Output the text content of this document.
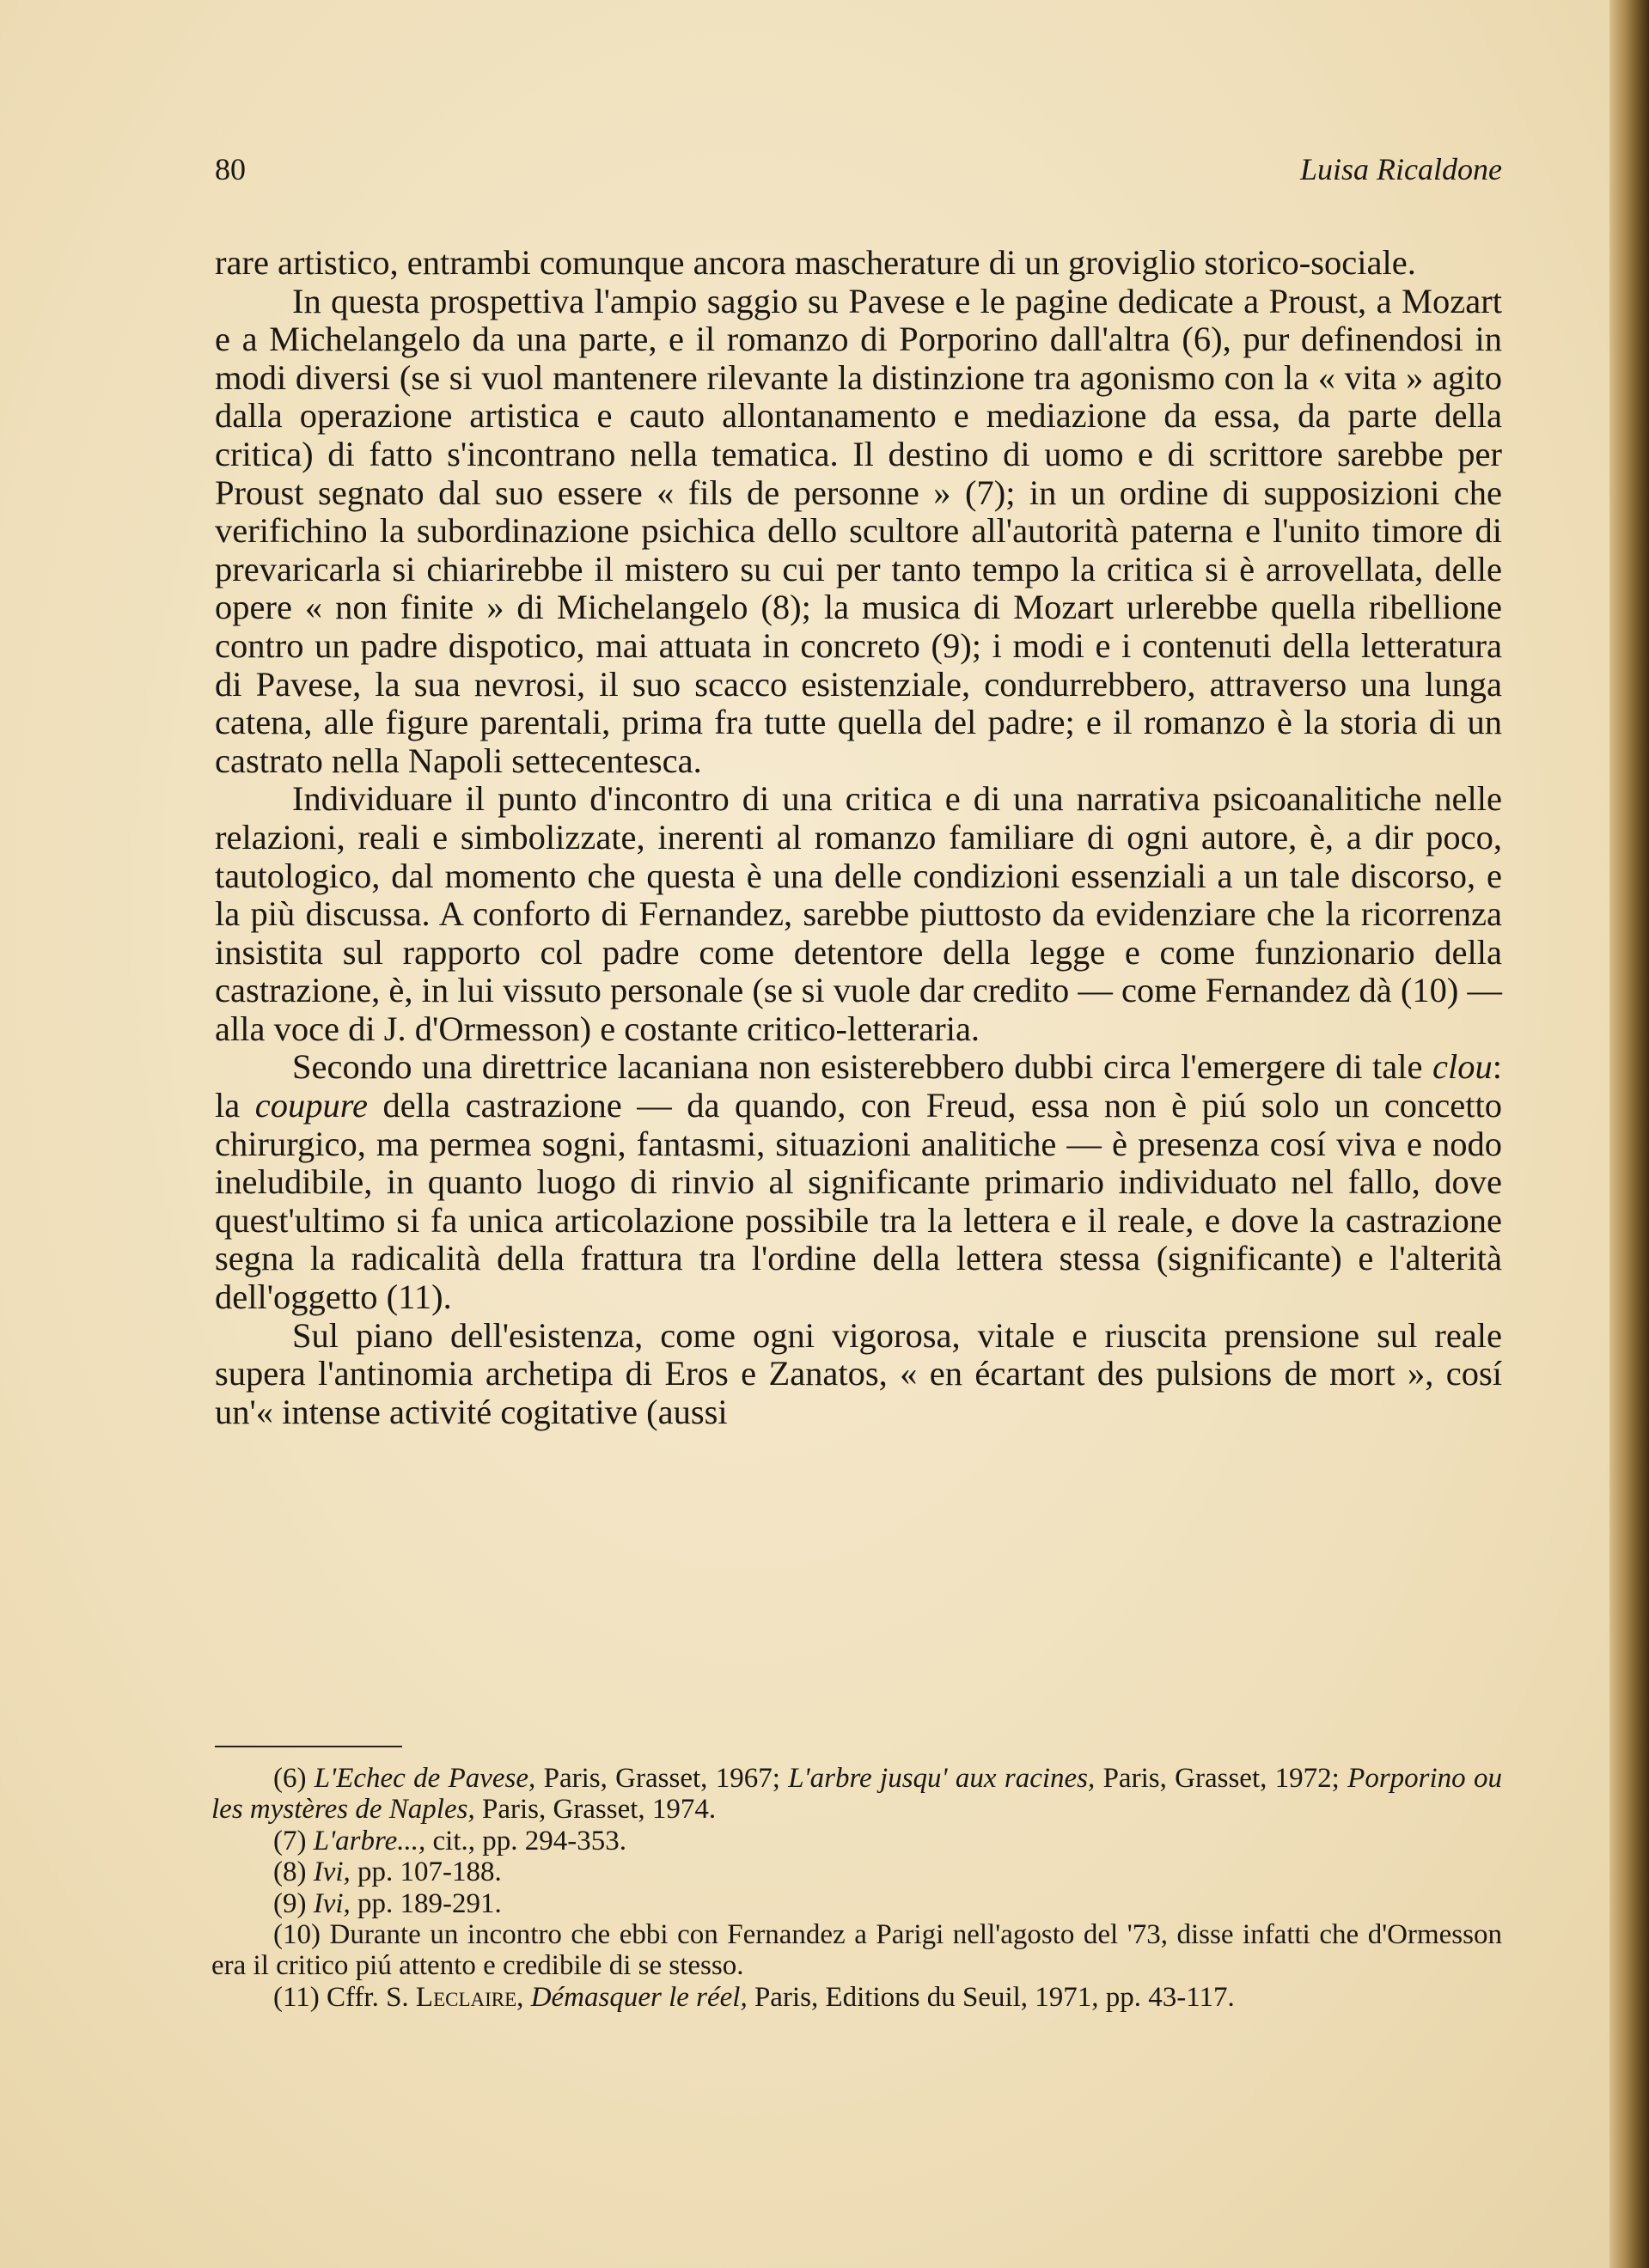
80	Luisa Ricaldone

rare artistico, entrambi comunque ancora mascherature di un groviglio storico-sociale.

In questa prospettiva l'ampio saggio su Pavese e le pagine dedicate a Proust, a Mozart e a Michelangelo da una parte, e il romanzo di Porporino dall'altra (6), pur definendosi in modi diversi (se si vuol mantenere rilevante la distinzione tra agonismo con la « vita » agito dalla operazione artistica e cauto allontanamento e mediazione da essa, da parte della critica) di fatto s'incontrano nella tematica. Il destino di uomo e di scrittore sarebbe per Proust segnato dal suo essere « fils de personne » (7); in un ordine di supposizioni che verifichino la subordinazione psichica dello scultore all'autorità paterna e l'unito timore di prevaricarla si chiarirebbe il mistero su cui per tanto tempo la critica si è arrovellata, delle opere « non finite » di Michelangelo (8); la musica di Mozart urlerebbe quella ribellione contro un padre dispotico, mai attuata in concreto (9); i modi e i contenuti della letteratura di Pavese, la sua nevrosi, il suo scacco esistenziale, condurrebbero, attraverso una lunga catena, alle figure parentali, prima fra tutte quella del padre; e il romanzo è la storia di un castrato nella Napoli settecentesca.

Individuare il punto d'incontro di una critica e di una narrativa psicoanalitiche nelle relazioni, reali e simbolizzate, inerenti al romanzo familiare di ogni autore, è, a dir poco, tautologico, dal momento che questa è una delle condizioni essenziali a un tale discorso, e la più discussa. A conforto di Fernandez, sarebbe piuttosto da evidenziare che la ricorrenza insistita sul rapporto col padre come detentore della legge e come funzionario della castrazione, è, in lui vissuto personale (se si vuole dar credito — come Fernandez dà (10) — alla voce di J. d'Ormesson) e costante critico-letteraria.

Secondo una direttrice lacaniana non esisterebbero dubbi circa l'emergere di tale clou: la coupure della castrazione — da quando, con Freud, essa non è piú solo un concetto chirurgico, ma permea sogni, fantasmi, situazioni analitiche — è presenza cosí viva e nodo ineludibile, in quanto luogo di rinvio al significante primario individuato nel fallo, dove quest'ultimo si fa unica articolazione possibile tra la lettera e il reale, e dove la castrazione segna la radicalità della frattura tra l'ordine della lettera stessa (significante) e l'alterità dell'oggetto (11).

Sul piano dell'esistenza, come ogni vigorosa, vitale e riuscita prensione sul reale supera l'antinomia archetipa di Eros e Zanatos, « en écartant des pulsions de mort », cosí un'« intense activité cogitative (aussi

(6) L'Echec de Pavese, Paris, Grasset, 1967; L'arbre jusqu' aux racines, Paris, Grasset, 1972; Porporino ou les mystères de Naples, Paris, Grasset, 1974.

(7) L'arbre..., cit., pp. 294-353.

(8) Ivi, pp. 107-188.

(9) Ivi, pp. 189-291.

(10) Durante un incontro che ebbi con Fernandez a Parigi nell'agosto del '73, disse infatti che d'Ormesson era il critico piú attento e credibile di se stesso.

(11) Cffr. S. Leclaire, Démasquer le réel, Paris, Editions du Seuil, 1971, pp. 43-117.
